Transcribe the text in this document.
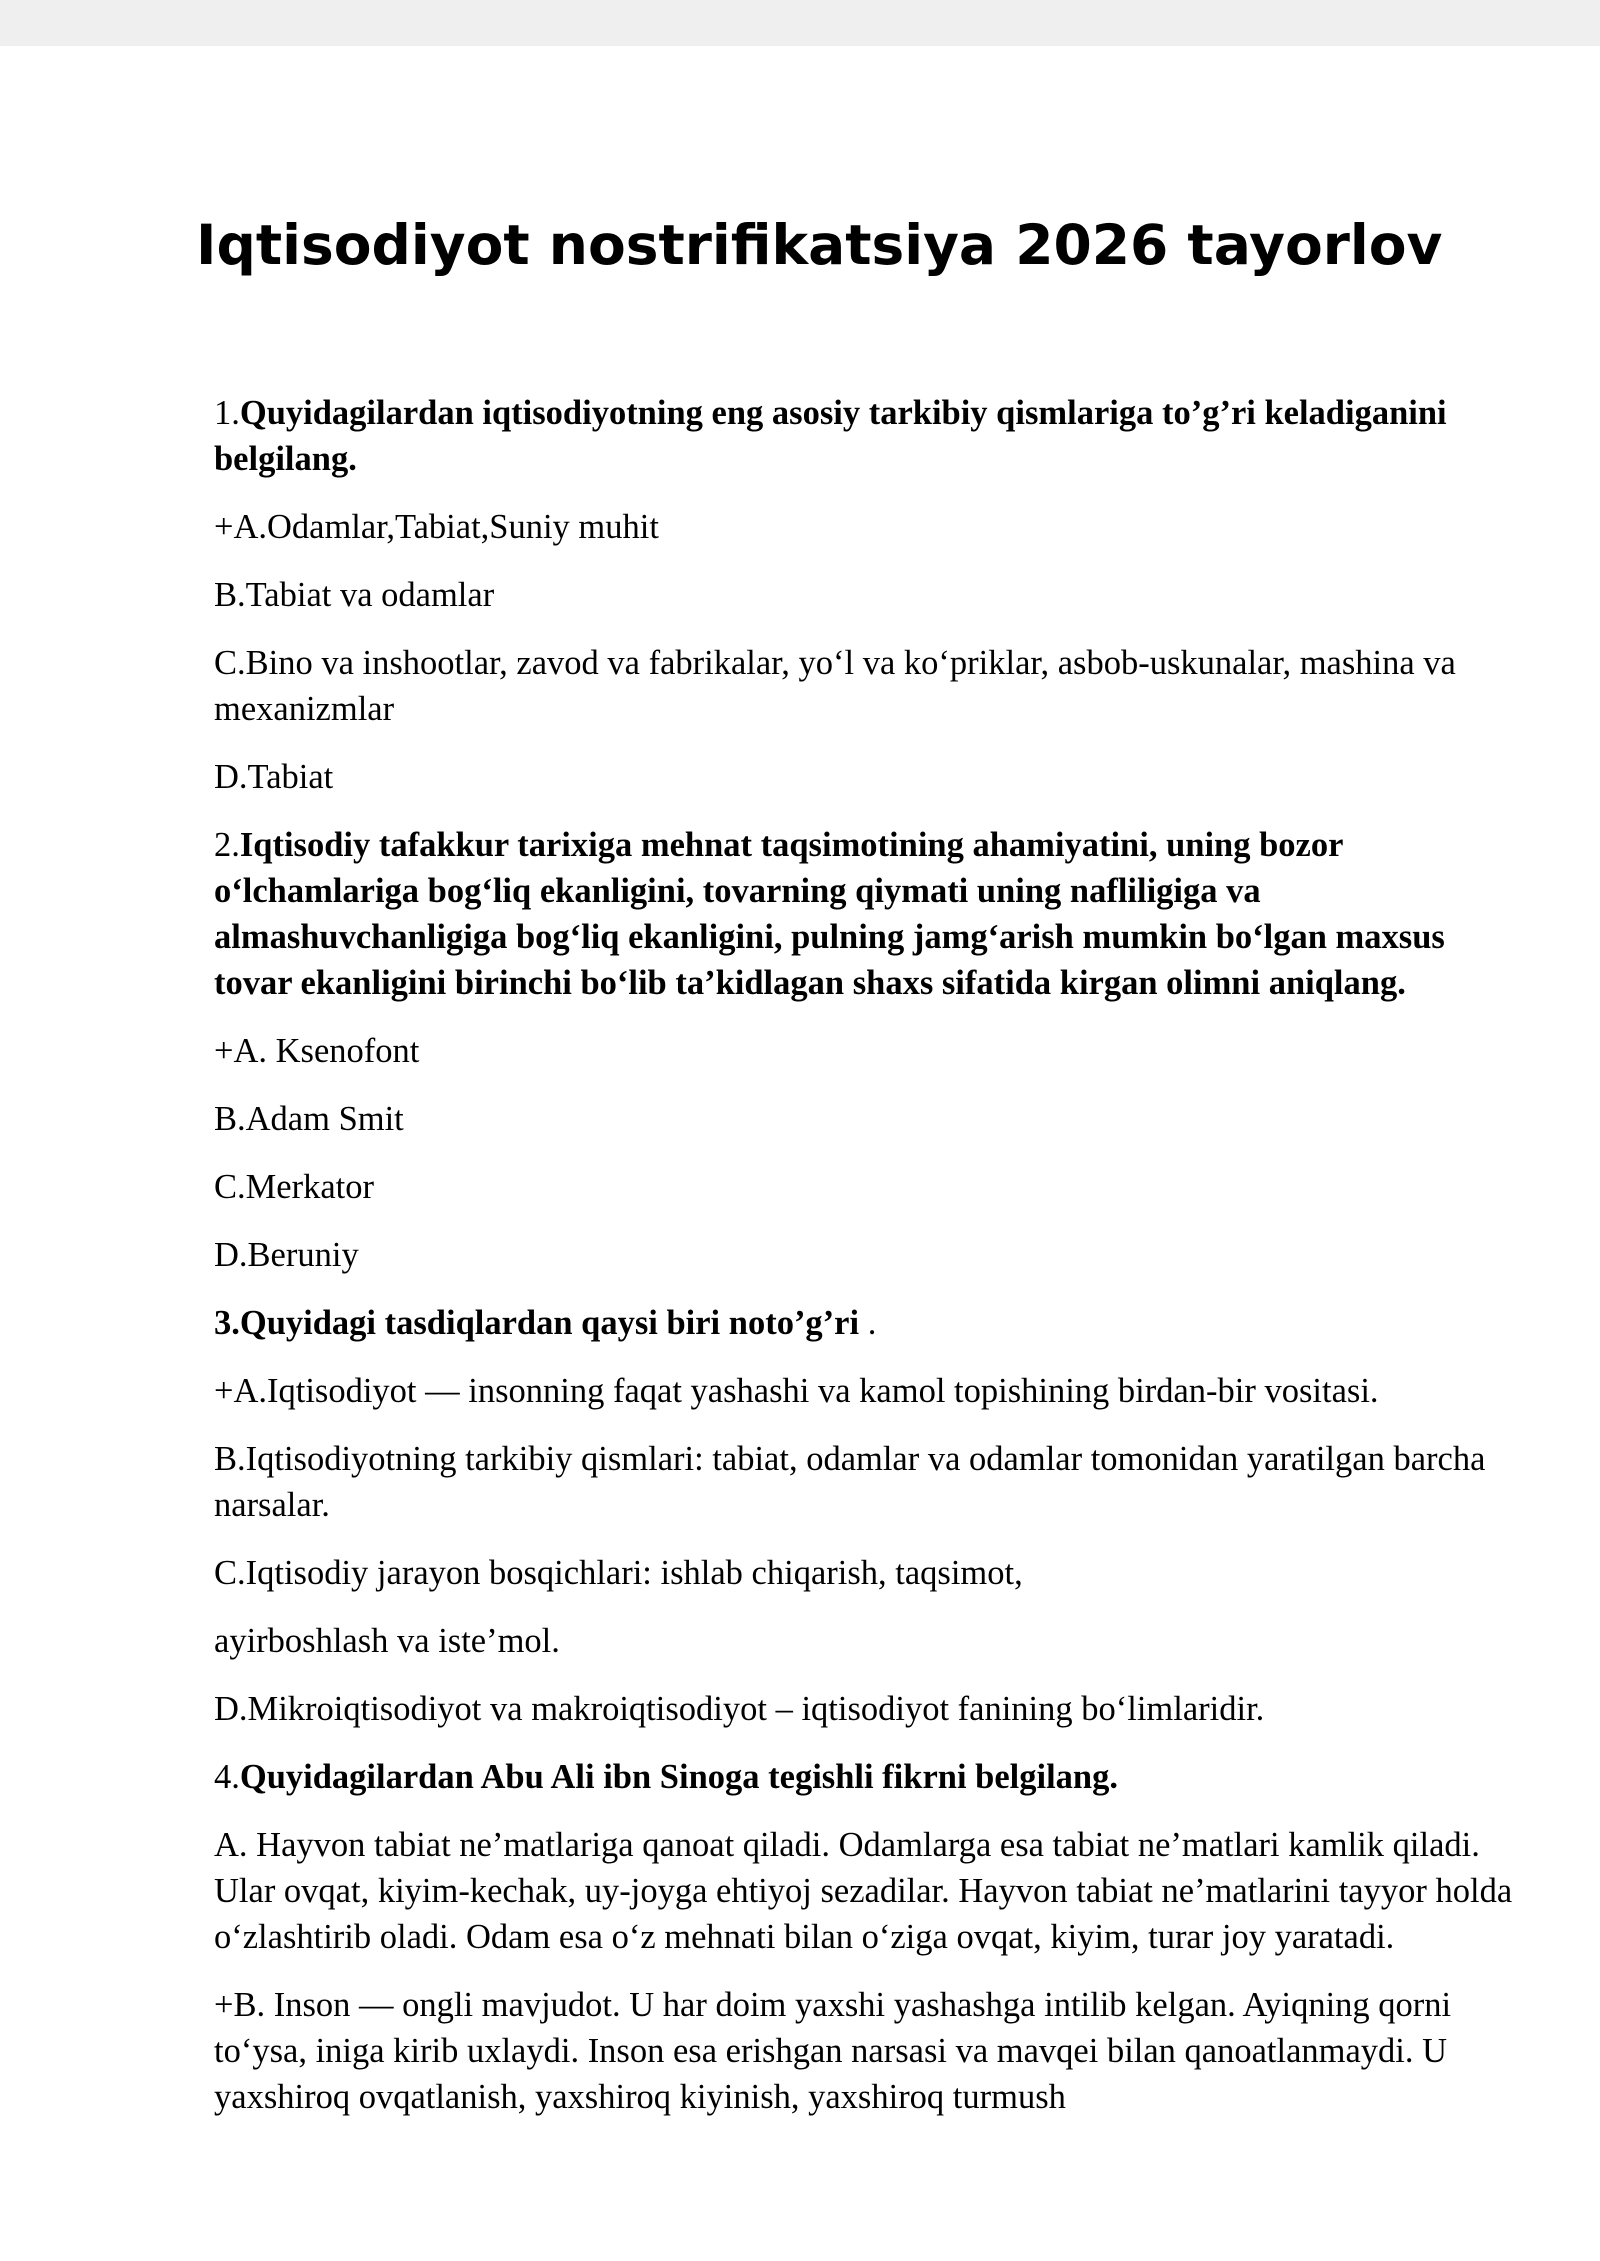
Iqtisodiyot nostrifikatsiya 2026 tayorlov

1.Quyidagilardan iqtisodiyotning eng asosiy tarkibiy qismlariga to’g’ri keladiganini belgilang.

+A.Odamlar,Tabiat,Suniy muhit

B.Tabiat va odamlar

C.Bino va inshootlar, zavod va fabrikalar, yo‘l va ko‘priklar, asbob-uskunalar, mashina va mexanizmlar

D.Tabiat

2.Iqtisodiy tafakkur tarixiga mehnat taqsimotining ahamiyatini, uning bozor o‘lchamlariga bog‘liq ekanligini, tovarning qiymati uning nafliligiga va almashuvchanligiga bog‘liq ekanligini, pulning jamg‘arish mumkin bo‘lgan maxsus tovar ekanligini birinchi bo‘lib ta’kidlagan shaxs sifatida kirgan olimni aniqlang.

+A. Ksenofont

B.Adam Smit

C.Merkator

D.Beruniy

3.Quyidagi tasdiqlardan qaysi biri noto’g’ri .

+A.Iqtisodiyot — insonning faqat yashashi va kamol topishining birdan-bir vositasi.

B.Iqtisodiyotning tarkibiy qismlari: tabiat, odamlar va odamlar tomonidan yaratilgan barcha narsalar.

C.Iqtisodiy jarayon bosqichlari: ishlab chiqarish, taqsimot,

ayirboshlash va iste’mol.

D.Mikroiqtisodiyot va makroiqtisodiyot – iqtisodiyot fanining bo‘limlaridir.

4.Quyidagilardan Abu Ali ibn Sinoga tegishli fikrni belgilang.

A. Hayvon tabiat ne’matlariga qanoat qiladi. Odamlarga esa tabiat ne’matlari kamlik qiladi. Ular ovqat, kiyim-kechak, uy-joyga ehtiyoj sezadilar. Hayvon tabiat ne’matlarini tayyor holda o‘zlashtirib oladi. Odam esa o‘z mehnati bilan o‘ziga ovqat, kiyim, turar joy yaratadi.

+B. Inson — ongli mavjudot. U har doim yaxshi yashashga intilib kelgan. Ayiqning qorni to‘ysa, iniga kirib uxlaydi. Inson esa erishgan narsasi va mavqei bilan qanoatlanmaydi. U yaxshiroq ovqatlanish, yaxshiroq kiyinish, yaxshiroq turmush
